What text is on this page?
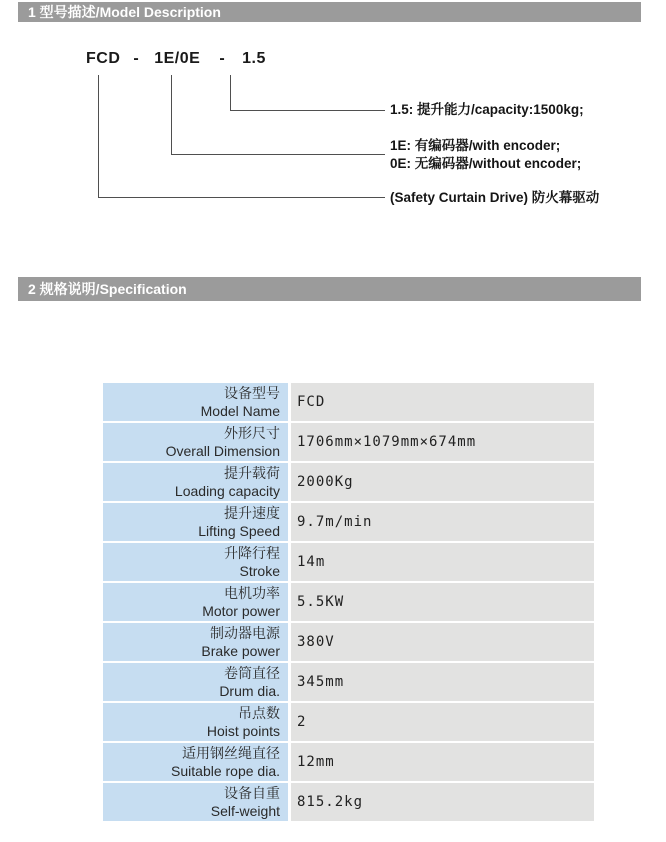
1 型号描述/Model Description
FCD - 1E/0E - 1.5
1.5: 提升能力/capacity:1500kg;
1E: 有编码器/with encoder;
0E: 无编码器/without encoder;
(Safety Curtain Drive) 防火幕驱动
2 规格说明/Specification
设备型号
Model Name
FCD
外形尺寸
Overall Dimension
1706mm×1079mm×674mm
提升载荷
Loading capacity
2000Kg
提升速度
Lifting Speed
9.7m/min
升降行程
Stroke
14m
电机功率
Motor power
5.5KW
制动器电源
Brake power
380V
卷筒直径
Drum dia.
345mm
吊点数
Hoist points
2
适用钢丝绳直径
Suitable rope dia.
12mm
设备自重
Self-weight
815.2kg
